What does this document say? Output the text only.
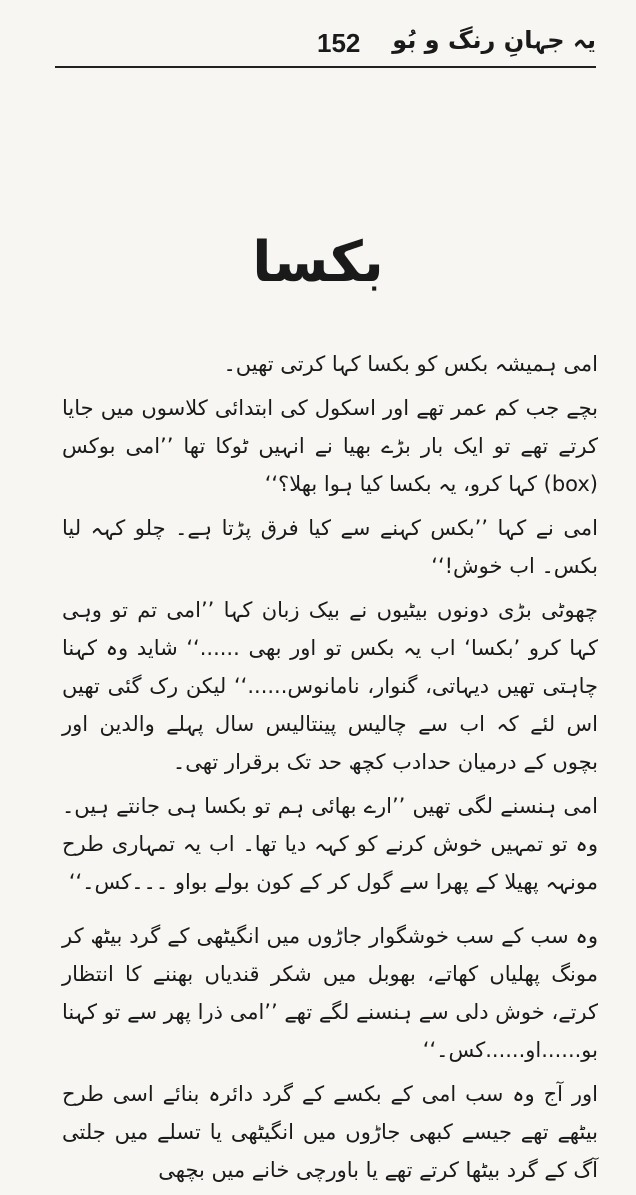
یہ جہانِ رنگ و بُو
152
بکسا

امی ہمیشہ بکس کو بکسا کہا کرتی تھیں۔

بچے جب کم عمر تھے اور اسکول کی ابتدائی کلاسوں میں جایا کرتے تھے تو ایک بار بڑے بھیا نے انہیں ٹوکا تھا ’’امی بوکس (box) کہا کرو، یہ بکسا کیا ہوا بھلا؟‘‘

امی نے کہا ’’بکس کہنے سے کیا فرق پڑتا ہے۔ چلو کہہ لیا بکس۔ اب خوش!‘‘

چھوٹی بڑی دونوں بیٹیوں نے بیک زبان کہا ’’امی تم تو وہی کہا کرو ’بکسا‘ اب یہ بکس تو اور بھی ......‘‘ شاید وہ کہنا چاہتی تھیں دیہاتی، گنوار، نامانوس......‘‘ لیکن رک گئی تھیں اس لئے کہ اب سے چالیس پینتالیس سال پہلے والدین اور بچوں کے درمیان حدادب کچھ حد تک برقرار تھی۔

امی ہنسنے لگی تھیں ’’ارے بھائی ہم تو بکسا ہی جانتے ہیں۔ وہ تو تمہیں خوش کرنے کو کہہ دیا تھا۔ اب یہ تمہاری طرح مونہہ پھیلا کے پھرا سے گول کر کے کون بولے بواو ۔۔۔کس۔‘‘

وہ سب کے سب خوشگوار جاڑوں میں انگیٹھی کے گرد بیٹھ کر مونگ پھلیاں کھاتے، بھوبل میں شکر قندیاں بھننے کا انتظار کرتے، خوش دلی سے ہنسنے لگے تھے ’’امی ذرا پھر سے تو کہنا بو......او......کس۔‘‘

اور آج وہ سب امی کے بکسے کے گرد دائرہ بنائے اسی طرح بیٹھے تھے جیسے کبھی جاڑوں میں انگیٹھی یا تسلے میں جلتی آگ کے گرد بیٹھا کرتے تھے یا باورچی خانے میں بچھی
